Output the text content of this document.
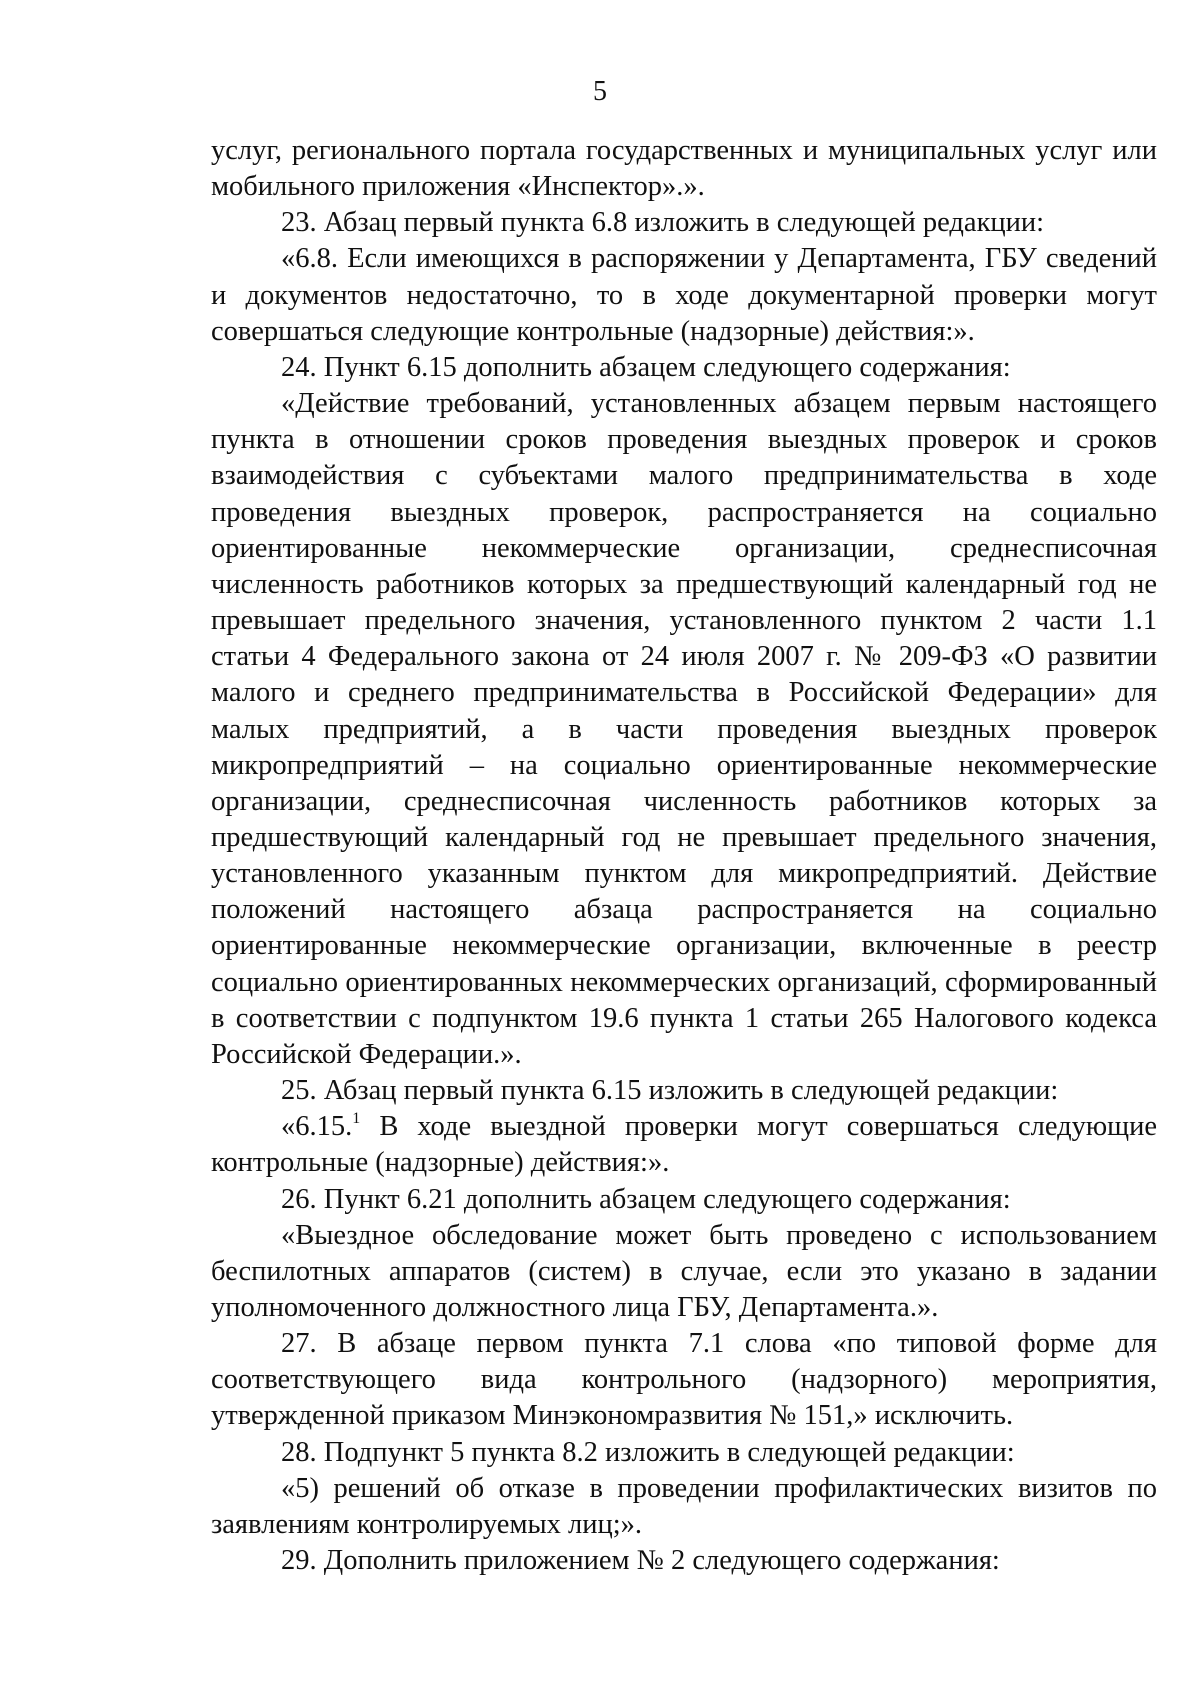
5

услуг, регионального портала государственных и муниципальных услуг или мобильного приложения «Инспектор».».

23. Абзац первый пункта 6.8 изложить в следующей редакции:

«6.8. Если имеющихся в распоряжении у Департамента, ГБУ сведений и документов недостаточно, то в ходе документарной проверки могут совершаться следующие контрольные (надзорные) действия:».

24. Пункт 6.15 дополнить абзацем следующего содержания:

«Действие требований, установленных абзацем первым настоящего пункта в отношении сроков проведения выездных проверок и сроков взаимодействия с субъектами малого предпринимательства в ходе проведения выездных проверок, распространяется на социально ориентированные некоммерческие организации, среднесписочная численность работников которых за предшествующий календарный год не превышает предельного значения, установленного пунктом 2 части 1.1 статьи 4 Федерального закона от 24 июля 2007 г. № 209-ФЗ «О развитии малого и среднего предпринимательства в Российской Федерации» для малых предприятий, а в части проведения выездных проверок микропредприятий – на социально ориентированные некоммерческие организации, среднесписочная численность работников которых за предшествующий календарный год не превышает предельного значения, установленного указанным пунктом для микропредприятий. Действие положений настоящего абзаца распространяется на социально ориентированные некоммерческие организации, включенные в реестр социально ориентированных некоммерческих организаций, сформированный в соответствии с подпунктом 19.6 пункта 1 статьи 265 Налогового кодекса Российской Федерации.».

25. Абзац первый пункта 6.15 изложить в следующей редакции:

«6.15.$^1$ В ходе выездной проверки могут совершаться следующие контрольные (надзорные) действия:».

26. Пункт 6.21 дополнить абзацем следующего содержания:

«Выездное обследование может быть проведено с использованием беспилотных аппаратов (систем) в случае, если это указано в задании уполномоченного должностного лица ГБУ, Департамента.».

27. В абзаце первом пункта 7.1 слова «по типовой форме для соответствующего вида контрольного (надзорного) мероприятия, утвержденной приказом Минэкономразвития № 151,» исключить.

28. Подпункт 5 пункта 8.2 изложить в следующей редакции:

«5) решений об отказе в проведении профилактических визитов по заявлениям контролируемых лиц;».

29. Дополнить приложением № 2 следующего содержания:
